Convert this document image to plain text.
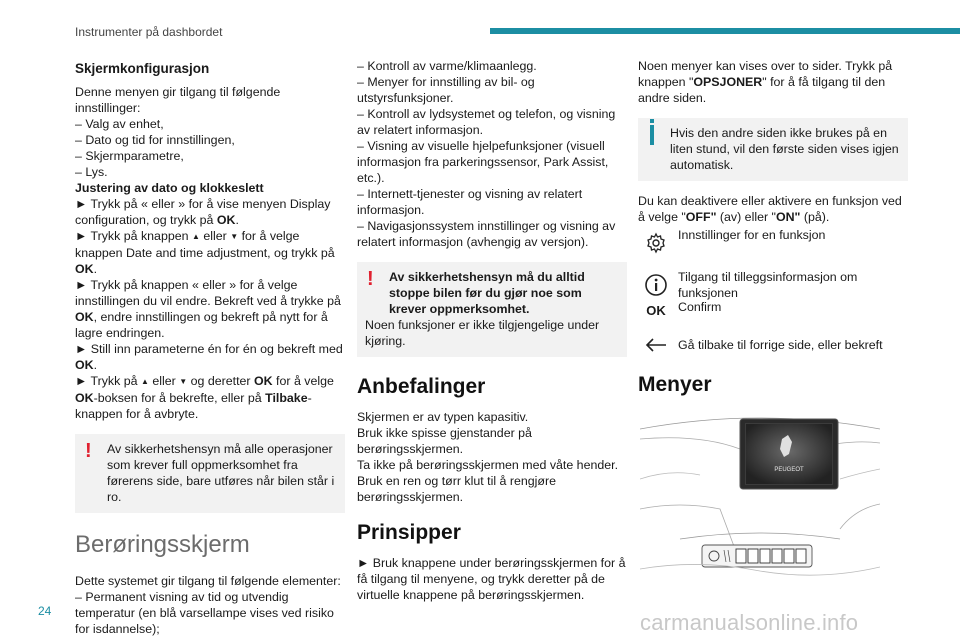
Instrumenter på dashbordet

Skjermkonfigurasjon

Denne menyen gir tilgang til følgende innstillinger:

– Valg av enhet,

– Dato og tid for innstillingen,

– Skjermparametre,

– Lys.

Justering av dato og klokkeslett

► Trykk på « eller » for å vise menyen Display configuration, og trykk på OK.

► Trykk på knappen ▲ eller ▼ for å velge knappen Date and time adjustment, og trykk på OK.

► Trykk på knappen « eller » for å velge innstillingen du vil endre. Bekreft ved å trykke på OK, endre innstillingen og bekreft på nytt for å lagre endringen.

► Still inn parameterne én for én og bekreft med OK.

► Trykk på ▲ eller ▼ og deretter OK for å velge OK-boksen for å bekrefte, eller på Tilbake-knappen for å avbryte.

!	Av sikkerhetshensyn må alle operasjoner som krever full oppmerksomhet fra førerens side, bare utføres når bilen står i ro.

Berøringsskjerm

Dette systemet gir tilgang til følgende elementer:

– Permanent visning av tid og utvendig temperatur (en blå varsellampe vises ved risiko for isdannelse);

– Kontroll av varme/klimaanlegg.

– Menyer for innstilling av bil- og utstyrsfunksjoner.

– Kontroll av lydsystemet og telefon, og visning av relatert informasjon.

– Visning av visuelle hjelpefunksjoner (visuell informasjon fra parkeringssensor, Park Assist, etc.).

– Internett-tjenester og visning av relatert informasjon.

– Navigasjonssystem innstillinger og visning av relatert informasjon (avhengig av versjon).

!	Av sikkerhetshensyn må du alltid stoppe bilen før du gjør noe som krever oppmerksomhet.

Noen funksjoner er ikke tilgjengelige under kjøring.

Anbefalinger

Skjermen er av typen kapasitiv.

Bruk ikke spisse gjenstander på berøringsskjermen.

Ta ikke på berøringsskjermen med våte hender.

Bruk en ren og tørr klut til å rengjøre berøringsskjermen.

Prinsipper

► Bruk knappene under berøringsskjermen for å få tilgang til menyene, og trykk deretter på de virtuelle knappene på berøringsskjermen.

Noen menyer kan vises over to sider. Trykk på knappen "OPSJONER" for å få tilgang til den andre siden.

Hvis den andre siden ikke brukes på en liten stund, vil den første siden vises igjen automatisk.

Du kan deaktivere eller aktivere en funksjon ved å velge "OFF" (av) eller "ON" (på).

Innstillinger for en funksjon
Tilgang til tilleggsinformasjon om funksjonen
OK Confirm
Gå tilbake til forrige side, eller bekreft

Menyer

PEUGEOT
24	carmanualsonline.info
